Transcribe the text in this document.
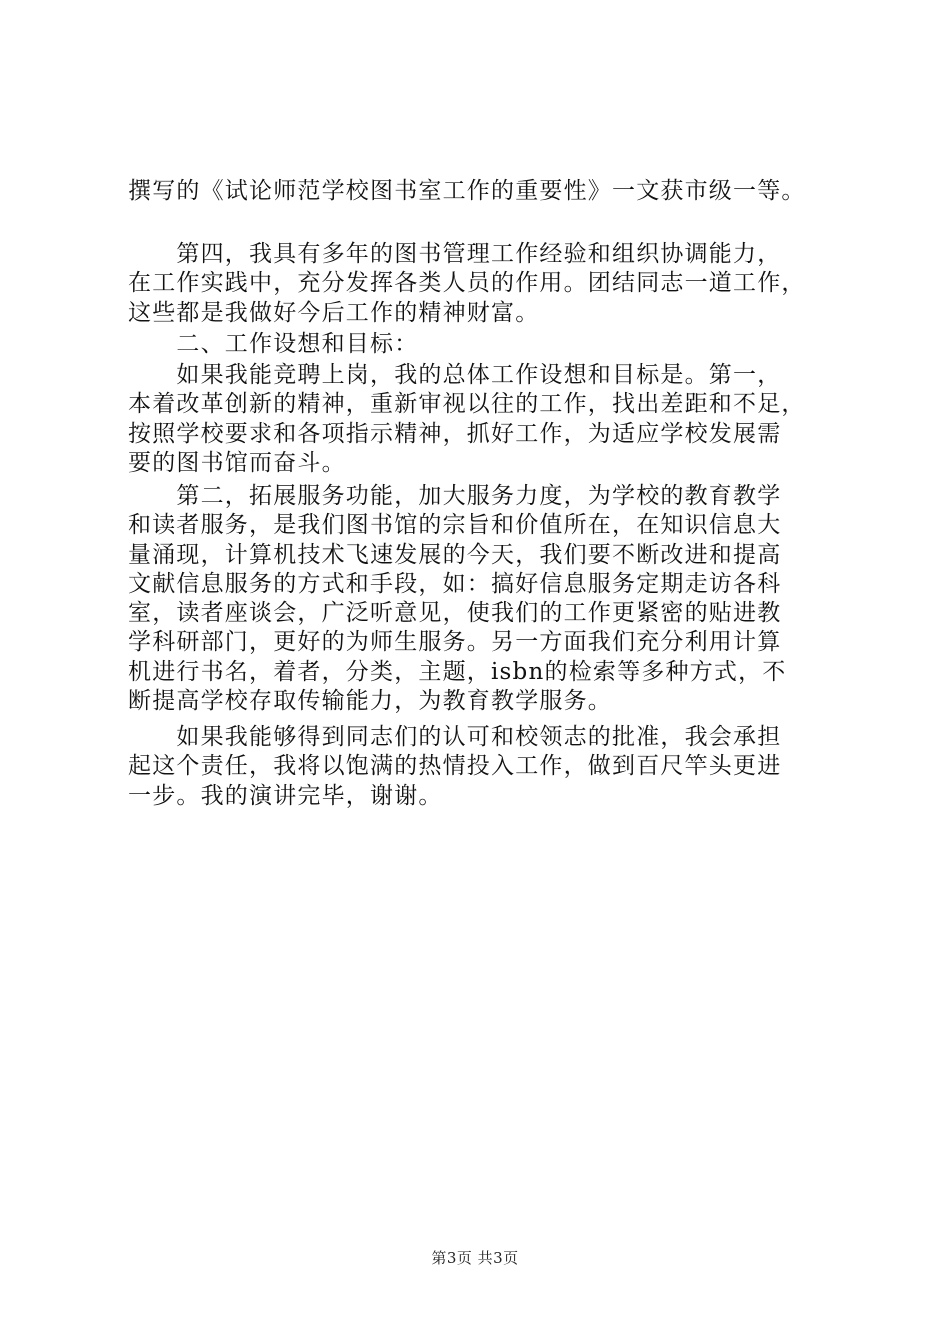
撰写的《试论师范学校图书室工作的重要性》一文获市级一等。
　　第四，我具有多年的图书管理工作经验和组织协调能力，
在工作实践中，充分发挥各类人员的作用。团结同志一道工作，
这些都是我做好今后工作的精神财富。
　　二、工作设想和目标：
　　如果我能竞聘上岗，我的总体工作设想和目标是。第一，
本着改革创新的精神，重新审视以往的工作，找出差距和不足，
按照学校要求和各项指示精神，抓好工作，为适应学校发展需
要的图书馆而奋斗。
　　第二，拓展服务功能，加大服务力度，为学校的教育教学
和读者服务，是我们图书馆的宗旨和价值所在，在知识信息大
量涌现，计算机技术飞速发展的今天，我们要不断改进和提高
文献信息服务的方式和手段，如：搞好信息服务定期走访各科
室，读者座谈会，广泛听意见，使我们的工作更紧密的贴进教
学科研部门，更好的为师生服务。另一方面我们充分利用计算
机进行书名，着者，分类，主题，isbn的检索等多种方式，不
断提高学校存取传输能力，为教育教学服务。
　　如果我能够得到同志们的认可和校领志的批准，我会承担
起这个责任，我将以饱满的热情投入工作，做到百尺竿头更进
一步。我的演讲完毕，谢谢。
第3页 共3页
